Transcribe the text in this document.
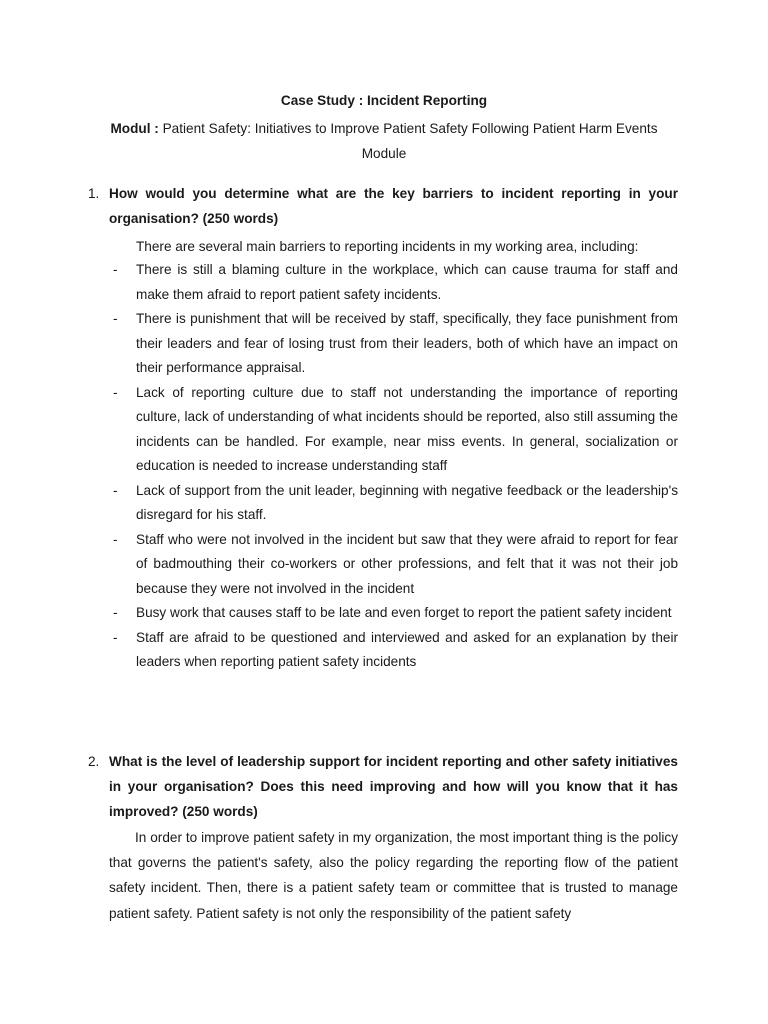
Case Study : Incident Reporting
Modul : Patient Safety: Initiatives to Improve Patient Safety Following Patient Harm Events Module
1. How would you determine what are the key barriers to incident reporting in your organisation? (250 words)
There are several main barriers to reporting incidents in my working area, including:
- There is still a blaming culture in the workplace, which can cause trauma for staff and make them afraid to report patient safety incidents.
- There is punishment that will be received by staff, specifically, they face punishment from their leaders and fear of losing trust from their leaders, both of which have an impact on their performance appraisal.
- Lack of reporting culture due to staff not understanding the importance of reporting culture, lack of understanding of what incidents should be reported, also still assuming the incidents can be handled. For example, near miss events. In general, socialization or education is needed to increase understanding staff
- Lack of support from the unit leader, beginning with negative feedback or the leadership's disregard for his staff.
- Staff who were not involved in the incident but saw that they were afraid to report for fear of badmouthing their co-workers or other professions, and felt that it was not their job because they were not involved in the incident
- Busy work that causes staff to be late and even forget to report the patient safety incident
- Staff are afraid to be questioned and interviewed and asked for an explanation by their leaders when reporting patient safety incidents
2. What is the level of leadership support for incident reporting and other safety initiatives in your organisation? Does this need improving and how will you know that it has improved? (250 words)
In order to improve patient safety in my organization, the most important thing is the policy that governs the patient's safety, also the policy regarding the reporting flow of the patient safety incident. Then, there is a patient safety team or committee that is trusted to manage patient safety. Patient safety is not only the responsibility of the patient safety
